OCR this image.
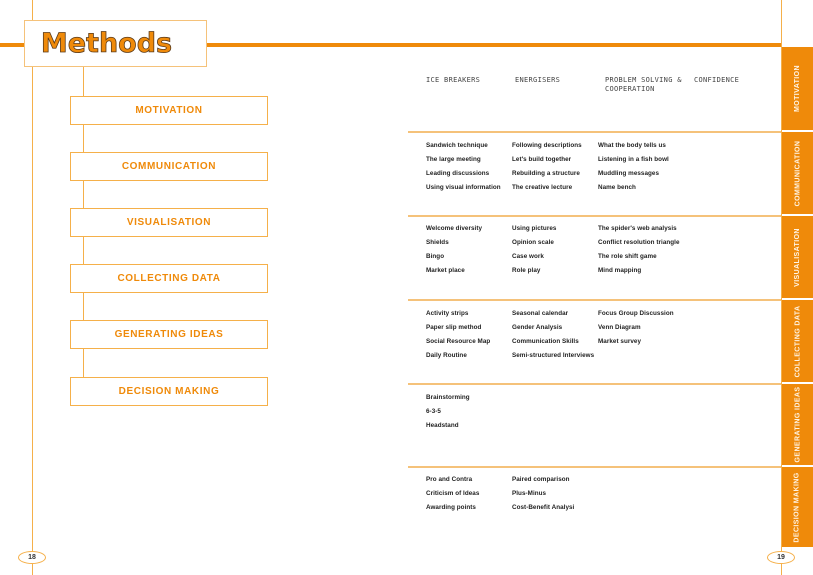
Methods
MOTIVATION
COMMUNICATION
VISUALISATION
COLLECTING DATA
GENERATING IDEAS
DECISION MAKING
18
ICE BREAKERS	ENERGISERS	PROBLEM SOLVING & COOPERATION
CONFIDENCE
Sandwich technique
The large meeting
Leading discussions
Using visual information
Following descriptions
Let's build together
Rebuilding a structure
The creative lecture
What the body tells us
Listening in a fish bowl
Muddling messages
Name bench
Welcome diversity
Shields
Bingo
Market place
Using pictures
Opinion scale
Case work
Role play
The spider's web analysis
Conflict resolution triangle
The role shift game
Mind mapping
Activity strips
Paper slip method
Social Resource Map
Daily Routine
Seasonal calendar
Gender Analysis
Communication Skills
Semi-structured Interviews
Focus Group Discussion
Venn Diagram
Market survey
Brainstorming
6-3-5
Headstand
Pro and Contra
Criticism of Ideas
Awarding points
Paired comparison
Plus-Minus
Cost-Benefit Analysi
MOTIVATION
COMMUNICATION
VISUALISATION
COLLECTING DATA
GENERATING IDEAS
DECISION MAKING
19
